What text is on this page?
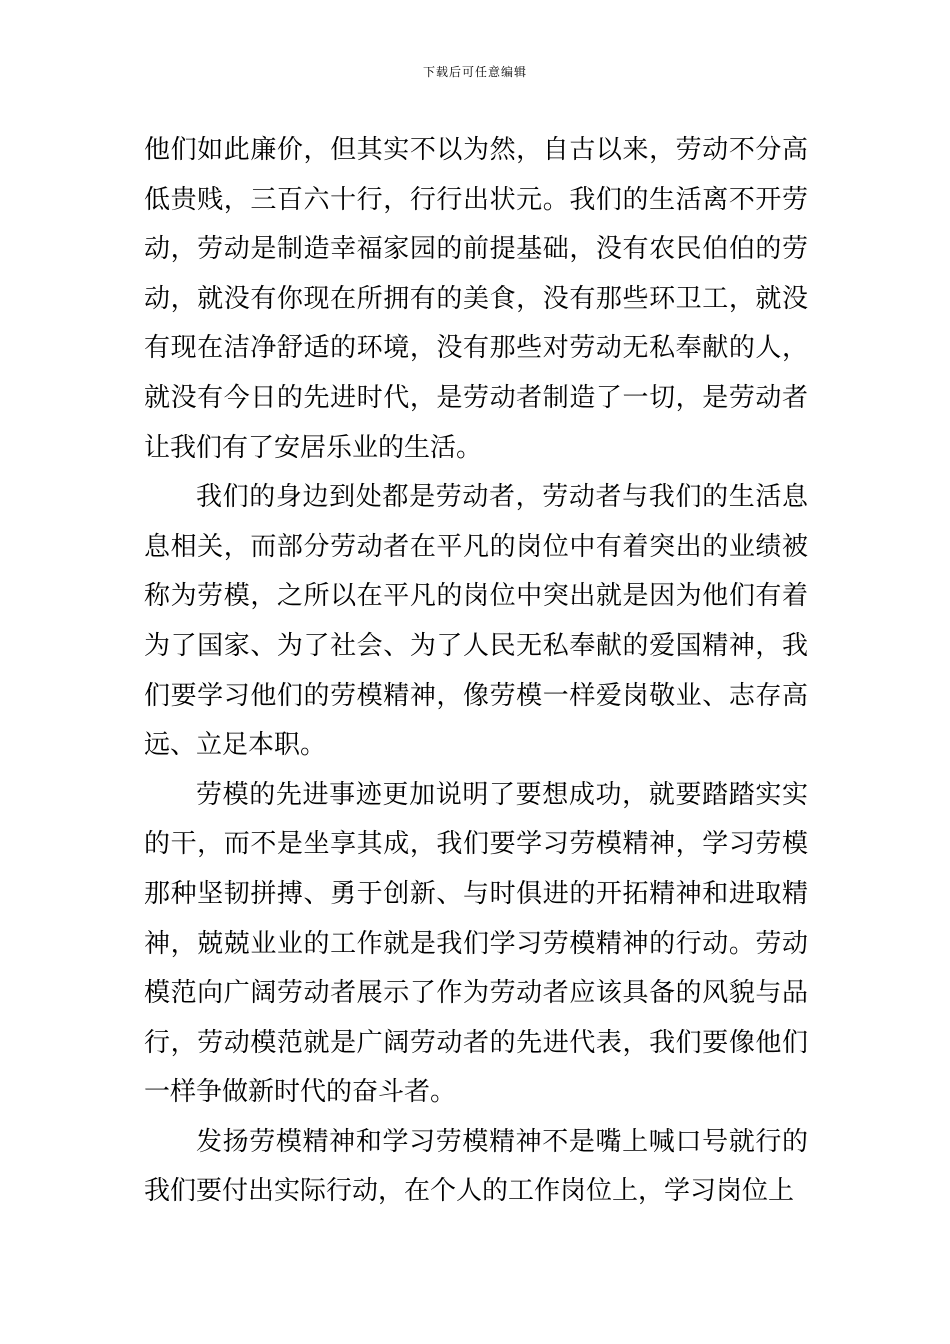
下载后可任意编辑

他们如此廉价，但其实不以为然，自古以来，劳动不分高低贵贱，三百六十行，行行出状元。我们的生活离不开劳动，劳动是制造幸福家园的前提基础，没有农民伯伯的劳动，就没有你现在所拥有的美食，没有那些环卫工，就没有现在洁净舒适的环境，没有那些对劳动无私奉献的人，就没有今日的先进时代，是劳动者制造了一切，是劳动者让我们有了安居乐业的生活。

我们的身边到处都是劳动者，劳动者与我们的生活息息相关，而部分劳动者在平凡的岗位中有着突出的业绩被称为劳模，之所以在平凡的岗位中突出就是因为他们有着为了国家、为了社会、为了人民无私奉献的爱国精神，我们要学习他们的劳模精神，像劳模一样爱岗敬业、志存高远、立足本职。

劳模的先进事迹更加说明了要想成功，就要踏踏实实的干，而不是坐享其成，我们要学习劳模精神，学习劳模那种坚韧拼搏、勇于创新、与时俱进的开拓精神和进取精神，兢兢业业的工作就是我们学习劳模精神的行动。劳动模范向广阔劳动者展示了作为劳动者应该具备的风貌与品行，劳动模范就是广阔劳动者的先进代表，我们要像他们一样争做新时代的奋斗者。

发扬劳模精神和学习劳模精神不是嘴上喊口号就行的我们要付出实际行动，在个人的工作岗位上，学习岗位上
